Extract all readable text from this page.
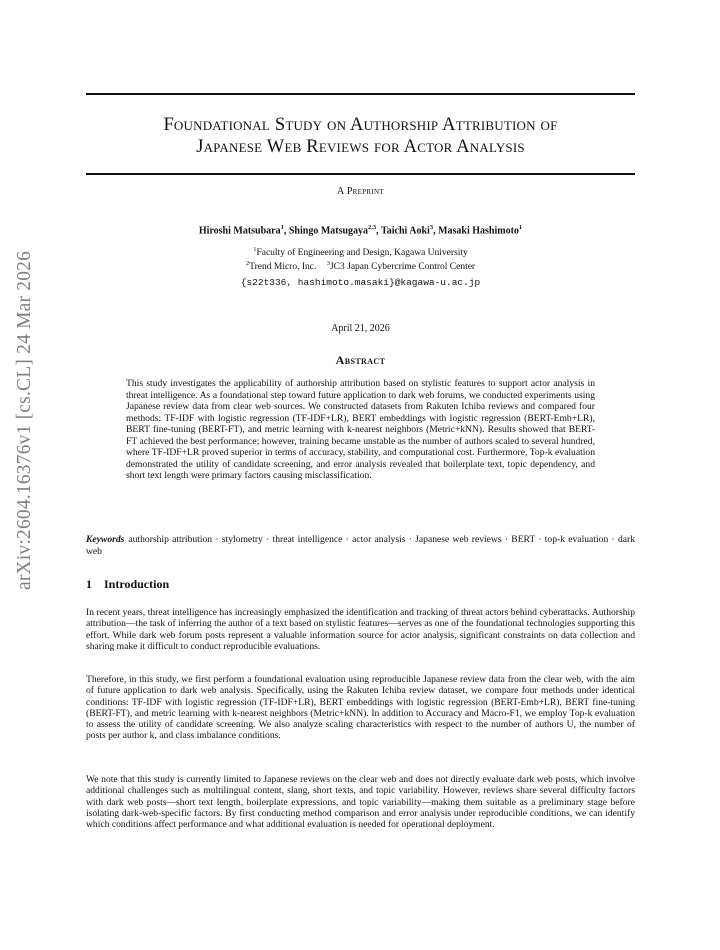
arXiv:2604.16376v1 [cs.CL] 24 Mar 2026
Foundational Study on Authorship Attribution of
Japanese Web Reviews for Actor Analysis
A Preprint
Hiroshi Matsubara$^1$, Shingo Matsugaya$^{2,3}$, Taichi Aoki$^3$, Masaki Hashimoto$^1$
$^1$Faculty of Engineering and Design, Kagawa University
$^2$Trend Micro, Inc. $^3$JC3 Japan Cybercrime Control Center
{s22t336, hashimoto.masaki}@kagawa-u.ac.jp
April 21, 2026
Abstract
This study investigates the applicability of authorship attribution based on stylistic features to support actor analysis in threat intelligence. As a foundational step toward future application to dark web forums, we conducted experiments using Japanese review data from clear web sources. We constructed datasets from Rakuten Ichiba reviews and compared four methods: TF-IDF with logistic regression (TF-IDF+LR), BERT embeddings with logistic regression (BERT-Emb+LR), BERT fine-tuning (BERT-FT), and metric learning with k-nearest neighbors (Metric+kNN). Results showed that BERT-FT achieved the best performance; however, training became unstable as the number of authors scaled to several hundred, where TF-IDF+LR proved superior in terms of accuracy, stability, and computational cost. Furthermore, Top-k evaluation demonstrated the utility of candidate screening, and error analysis revealed that boilerplate text, topic dependency, and short text length were primary factors causing misclassification.
Keywords authorship attribution · stylometry · threat intelligence · actor analysis · Japanese web reviews · BERT · top-k evaluation · dark web
1 Introduction
In recent years, threat intelligence has increasingly emphasized the identification and tracking of threat actors behind cyberattacks. Authorship attribution—the task of inferring the author of a text based on stylistic features—serves as one of the foundational technologies supporting this effort. While dark web forum posts represent a valuable information source for actor analysis, significant constraints on data collection and sharing make it difficult to conduct reproducible evaluations.
Therefore, in this study, we first perform a foundational evaluation using reproducible Japanese review data from the clear web, with the aim of future application to dark web analysis. Specifically, using the Rakuten Ichiba review dataset, we compare four methods under identical conditions: TF-IDF with logistic regression (TF-IDF+LR), BERT embeddings with logistic regression (BERT-Emb+LR), BERT fine-tuning (BERT-FT), and metric learning with k-nearest neighbors (Metric+kNN). In addition to Accuracy and Macro-F1, we employ Top-k evaluation to assess the utility of candidate screening. We also analyze scaling characteristics with respect to the number of authors U, the number of posts per author k, and class imbalance conditions.
We note that this study is currently limited to Japanese reviews on the clear web and does not directly evaluate dark web posts, which involve additional challenges such as multilingual content, slang, short texts, and topic variability. However, reviews share several difficulty factors with dark web posts—short text length, boilerplate expressions, and topic variability—making them suitable as a preliminary stage before isolating dark-web-specific factors. By first conducting method comparison and error analysis under reproducible conditions, we can identify which conditions affect performance and what additional evaluation is needed for operational deployment.
